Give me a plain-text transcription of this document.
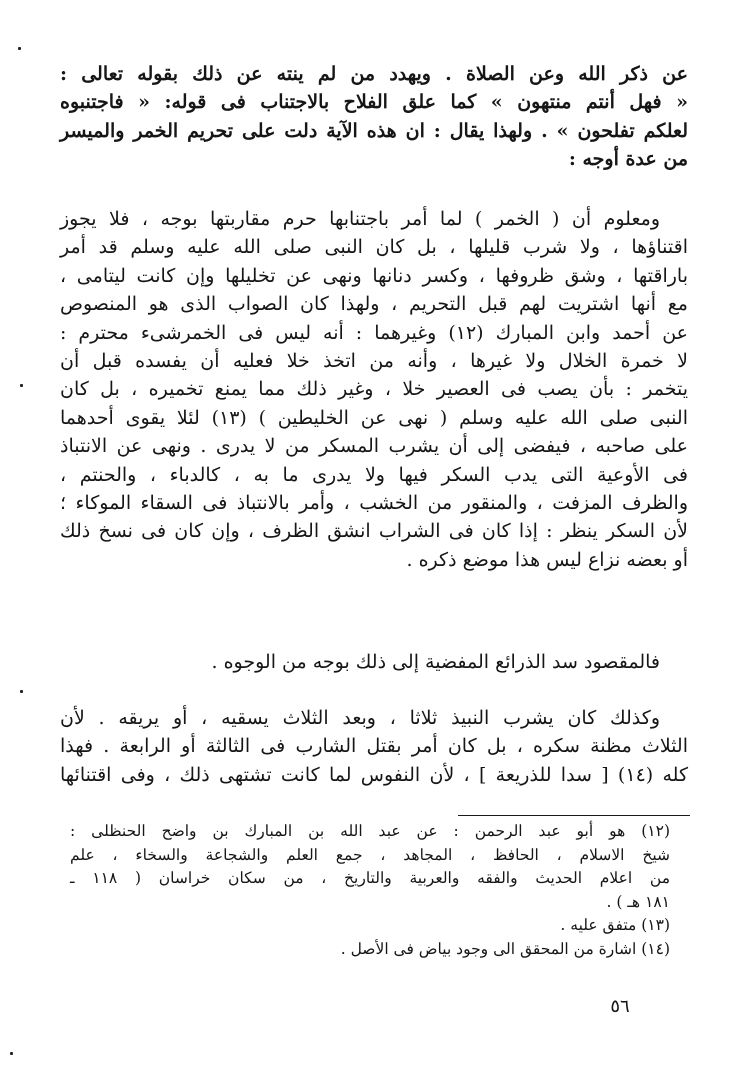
عن ذكر الله وعن الصلاة . ويهدد من لم ينته عن ذلك بقوله تعالى :
« فهل أنتم منتهون » كما علق الفلاح بالاجتناب فى قوله: « فاجتنبوه
لعلكم تفلحون » . ولهذا يقال : ان هذه الآية دلت على تحريم الخمر والميسر
من عدة أوجه :
ومعلوم أن ( الخمر ) لما أمر باجتنابها حرم مقاربتها بوجه ، فلا يجوز
اقتناؤها ، ولا شرب قليلها ، بل كان النبى صلى الله عليه وسلم قد أمر
باراقتها ، وشق ظروفها ، وكسر دنانها ونهى عن تخليلها وإن كانت ليتامى ،
مع أنها اشتريت لهم قبل التحريم ، ولهذا كان الصواب الذى هو المنصوص
عن أحمد وابن المبارك (١٢) وغيرهما : أنه ليس فى الخمرشىء محترم :
لا خمرة الخلال ولا غيرها ، وأنه من اتخذ خلا فعليه أن يفسده قبل أن
يتخمر : بأن يصب فى العصير خلا ، وغير ذلك مما يمنع تخميره ، بل كان
النبى صلى الله عليه وسلم ( نهى عن الخليطين ) (١٣) لئلا يقوى أحدهما
على صاحبه ، فيفضى إلى أن يشرب المسكر من لا يدرى . ونهى عن الانتباذ
فى الأوعية التى يدب السكر فيها ولا يدرى ما به ، كالدباء ، والحنتم ،
والظرف المزفت ، والمنقور من الخشب ، وأمر بالانتباذ فى السقاء الموكاء ؛
لأن السكر ينظر : إذا كان فى الشراب انشق الظرف ، وإن كان فى نسخ ذلك
أو بعضه نزاع ليس هذا موضع ذكره .
فالمقصود سد الذرائع المفضية إلى ذلك بوجه من الوجوه .
وكذلك كان يشرب النبيذ ثلاثا ، وبعد الثلاث يسقيه ، أو يريقه . لأن
الثلاث مظنة سكره ، بل كان أمر بقتل الشارب فى الثالثة أو الرابعة . فهذا
كله (١٤) [ سدا للذريعة ] ، لأن النفوس لما كانت تشتهى ذلك ، وفى اقتنائها
(١٢) هو أبو عبد الرحمن : عن عبد الله بن المبارك بن واضح الحنظلى :
شيخ الاسلام ، الحافظ ، المجاهد ، جمع العلم والشجاعة والسخاء ، علم
من اعلام الحديث والفقه والعربية والتاريخ ، من سكان خراسان ( ١١٨ ـ
١٨١ هـ ) .
(١٣) متفق عليه .
(١٤) اشارة من المحقق الى وجود بياض فى الأصل .
٥٦
